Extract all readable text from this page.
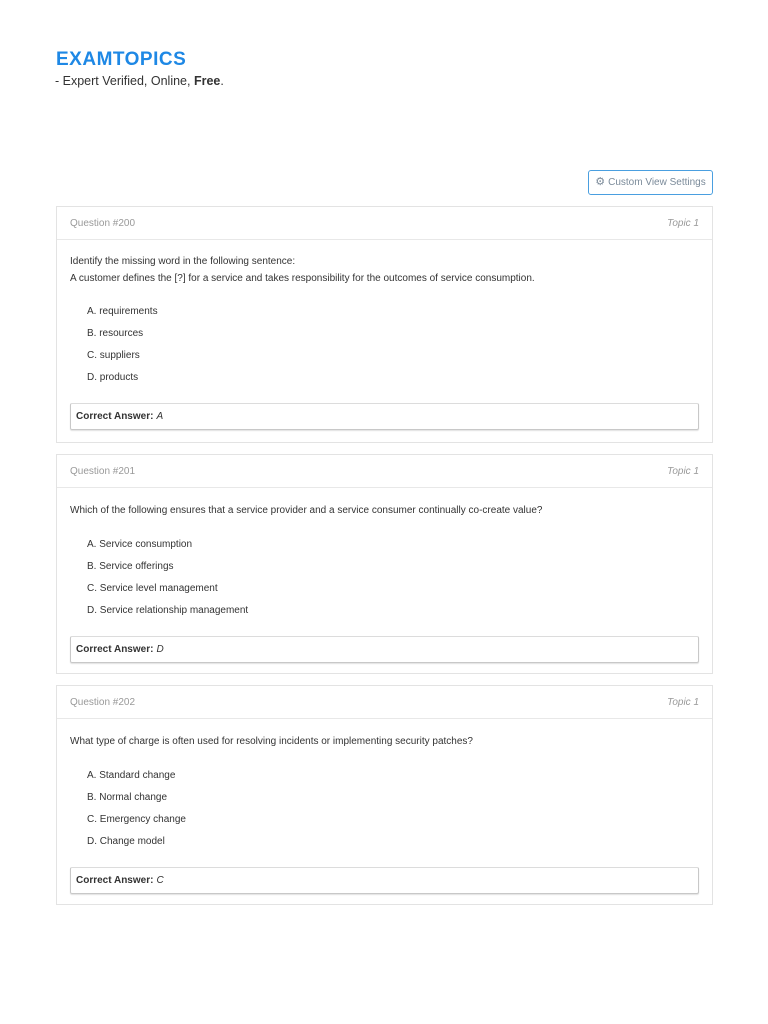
EXAMTOPICS
- Expert Verified, Online, Free.
⚙ Custom View Settings
Question #200	Topic 1
Identify the missing word in the following sentence:
A customer defines the [?] for a service and takes responsibility for the outcomes of service consumption.
A. requirements
B. resources
C. suppliers
D. products
Correct Answer: A
Question #201	Topic 1
Which of the following ensures that a service provider and a service consumer continually co-create value?
A. Service consumption
B. Service offerings
C. Service level management
D. Service relationship management
Correct Answer: D
Question #202	Topic 1
What type of charge is often used for resolving incidents or implementing security patches?
A. Standard change
B. Normal change
C. Emergency change
D. Change model
Correct Answer: C
